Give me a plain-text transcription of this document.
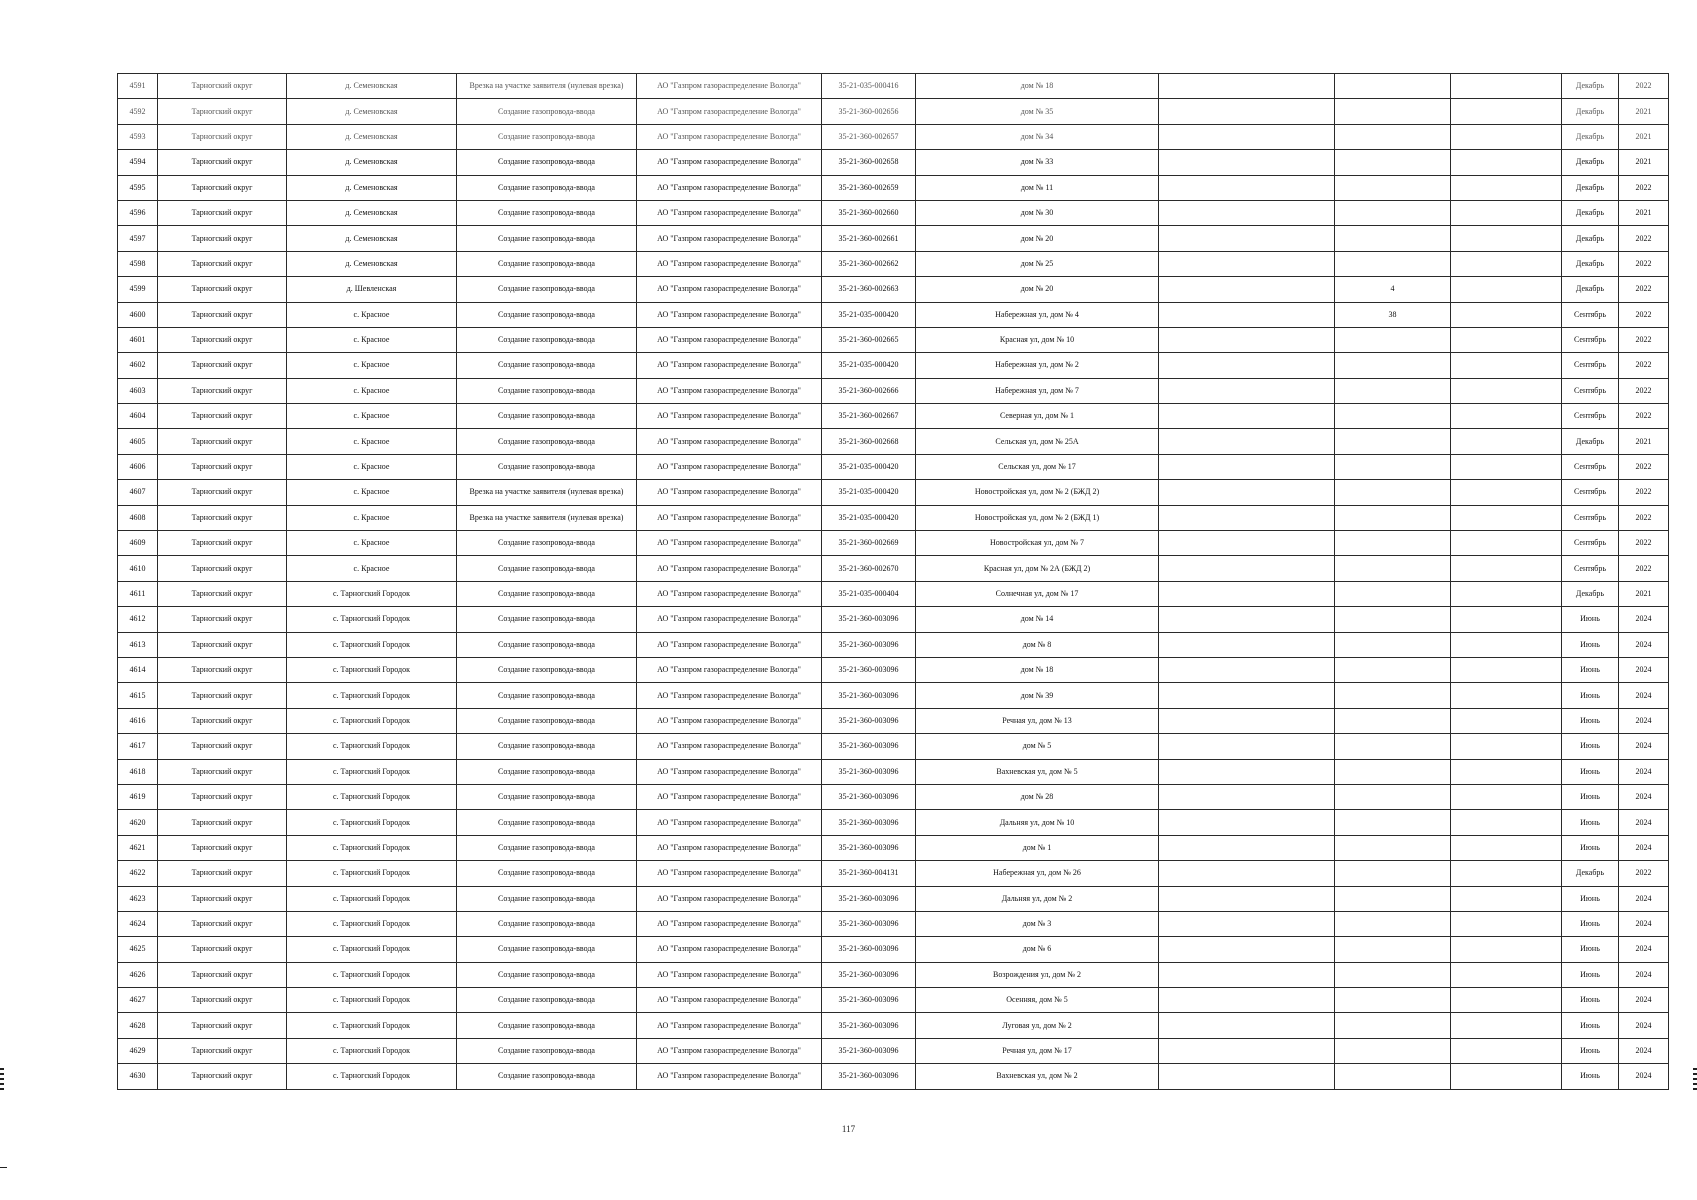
4591	Тарногский округ	д. Семеновская	Врезка на участке заявителя (нулевая врезка)	АО "Газпром газораспределение Вологда"	35-21-035-000416	дом № 18				Декабрь	2022
4592	Тарногский округ	д. Семеновская	Создание газопровода-ввода	АО "Газпром газораспределение Вологда"	35-21-360-002656	дом № 35				Декабрь	2021
4593	Тарногский округ	д. Семеновская	Создание газопровода-ввода	АО "Газпром газораспределение Вологда"	35-21-360-002657	дом № 34				Декабрь	2021
4594	Тарногский округ	д. Семеновская	Создание газопровода-ввода	АО "Газпром газораспределение Вологда"	35-21-360-002658	дом № 33				Декабрь	2021
4595	Тарногский округ	д. Семеновская	Создание газопровода-ввода	АО "Газпром газораспределение Вологда"	35-21-360-002659	дом № 11				Декабрь	2022
4596	Тарногский округ	д. Семеновская	Создание газопровода-ввода	АО "Газпром газораспределение Вологда"	35-21-360-002660	дом № 30				Декабрь	2021
4597	Тарногский округ	д. Семеновская	Создание газопровода-ввода	АО "Газпром газораспределение Вологда"	35-21-360-002661	дом № 20				Декабрь	2022
4598	Тарногский округ	д. Семеновская	Создание газопровода-ввода	АО "Газпром газораспределение Вологда"	35-21-360-002662	дом № 25				Декабрь	2022
4599	Тарногский округ	д. Шевленская	Создание газопровода-ввода	АО "Газпром газораспределение Вологда"	35-21-360-002663	дом № 20		4		Декабрь	2022
4600	Тарногский округ	с. Красное	Создание газопровода-ввода	АО "Газпром газораспределение Вологда"	35-21-035-000420	Набережная ул, дом № 4		38		Сентябрь	2022
4601	Тарногский округ	с. Красное	Создание газопровода-ввода	АО "Газпром газораспределение Вологда"	35-21-360-002665	Красная ул, дом № 10				Сентябрь	2022
4602	Тарногский округ	с. Красное	Создание газопровода-ввода	АО "Газпром газораспределение Вологда"	35-21-035-000420	Набережная ул, дом № 2				Сентябрь	2022
4603	Тарногский округ	с. Красное	Создание газопровода-ввода	АО "Газпром газораспределение Вологда"	35-21-360-002666	Набережная ул, дом № 7				Сентябрь	2022
4604	Тарногский округ	с. Красное	Создание газопровода-ввода	АО "Газпром газораспределение Вологда"	35-21-360-002667	Северная ул, дом № 1				Сентябрь	2022
4605	Тарногский округ	с. Красное	Создание газопровода-ввода	АО "Газпром газораспределение Вологда"	35-21-360-002668	Сельская ул, дом № 25А				Декабрь	2021
4606	Тарногский округ	с. Красное	Создание газопровода-ввода	АО "Газпром газораспределение Вологда"	35-21-035-000420	Сельская ул, дом № 17				Сентябрь	2022
4607	Тарногский округ	с. Красное	Врезка на участке заявителя (нулевая врезка)	АО "Газпром газораспределение Вологда"	35-21-035-000420	Новостройская ул, дом № 2 (БЖД 2)				Сентябрь	2022
4608	Тарногский округ	с. Красное	Врезка на участке заявителя (нулевая врезка)	АО "Газпром газораспределение Вологда"	35-21-035-000420	Новостройская ул, дом № 2 (БЖД 1)				Сентябрь	2022
4609	Тарногский округ	с. Красное	Создание газопровода-ввода	АО "Газпром газораспределение Вологда"	35-21-360-002669	Новостройская ул, дом № 7				Сентябрь	2022
4610	Тарногский округ	с. Красное	Создание газопровода-ввода	АО "Газпром газораспределение Вологда"	35-21-360-002670	Красная ул, дом № 2А (БЖД 2)				Сентябрь	2022
4611	Тарногский округ	с. Тарногский Городок	Создание газопровода-ввода	АО "Газпром газораспределение Вологда"	35-21-035-000404	Солнечная ул, дом № 17				Декабрь	2021
4612	Тарногский округ	с. Тарногский Городок	Создание газопровода-ввода	АО "Газпром газораспределение Вологда"	35-21-360-003096	дом № 14				Июнь	2024
4613	Тарногский округ	с. Тарногский Городок	Создание газопровода-ввода	АО "Газпром газораспределение Вологда"	35-21-360-003096	дом № 8				Июнь	2024
4614	Тарногский округ	с. Тарногский Городок	Создание газопровода-ввода	АО "Газпром газораспределение Вологда"	35-21-360-003096	дом № 18				Июнь	2024
4615	Тарногский округ	с. Тарногский Городок	Создание газопровода-ввода	АО "Газпром газораспределение Вологда"	35-21-360-003096	дом № 39				Июнь	2024
4616	Тарногский округ	с. Тарногский Городок	Создание газопровода-ввода	АО "Газпром газораспределение Вологда"	35-21-360-003096	Речная ул, дом № 13				Июнь	2024
4617	Тарногский округ	с. Тарногский Городок	Создание газопровода-ввода	АО "Газпром газораспределение Вологда"	35-21-360-003096	дом № 5				Июнь	2024
4618	Тарногский округ	с. Тарногский Городок	Создание газопровода-ввода	АО "Газпром газораспределение Вологда"	35-21-360-003096	Вахневская ул, дом № 5				Июнь	2024
4619	Тарногский округ	с. Тарногский Городок	Создание газопровода-ввода	АО "Газпром газораспределение Вологда"	35-21-360-003096	дом № 28				Июнь	2024
4620	Тарногский округ	с. Тарногский Городок	Создание газопровода-ввода	АО "Газпром газораспределение Вологда"	35-21-360-003096	Дальняя ул, дом № 10				Июнь	2024
4621	Тарногский округ	с. Тарногский Городок	Создание газопровода-ввода	АО "Газпром газораспределение Вологда"	35-21-360-003096	дом № 1				Июнь	2024
4622	Тарногский округ	с. Тарногский Городок	Создание газопровода-ввода	АО "Газпром газораспределение Вологда"	35-21-360-004131	Набережная ул, дом № 26				Декабрь	2022
4623	Тарногский округ	с. Тарногский Городок	Создание газопровода-ввода	АО "Газпром газораспределение Вологда"	35-21-360-003096	Дальняя ул, дом № 2				Июнь	2024
4624	Тарногский округ	с. Тарногский Городок	Создание газопровода-ввода	АО "Газпром газораспределение Вологда"	35-21-360-003096	дом № 3				Июнь	2024
4625	Тарногский округ	с. Тарногский Городок	Создание газопровода-ввода	АО "Газпром газораспределение Вологда"	35-21-360-003096	дом № 6				Июнь	2024
4626	Тарногский округ	с. Тарногский Городок	Создание газопровода-ввода	АО "Газпром газораспределение Вологда"	35-21-360-003096	Возрождения ул, дом № 2				Июнь	2024
4627	Тарногский округ	с. Тарногский Городок	Создание газопровода-ввода	АО "Газпром газораспределение Вологда"	35-21-360-003096	Осенняя, дом № 5				Июнь	2024
4628	Тарногский округ	с. Тарногский Городок	Создание газопровода-ввода	АО "Газпром газораспределение Вологда"	35-21-360-003096	Луговая ул, дом № 2				Июнь	2024
4629	Тарногский округ	с. Тарногский Городок	Создание газопровода-ввода	АО "Газпром газораспределение Вологда"	35-21-360-003096	Речная ул, дом № 17				Июнь	2024
4630	Тарногский округ	с. Тарногский Городок	Создание газопровода-ввода	АО "Газпром газораспределение Вологда"	35-21-360-003096	Вахневская ул, дом № 2				Июнь	2024
117
